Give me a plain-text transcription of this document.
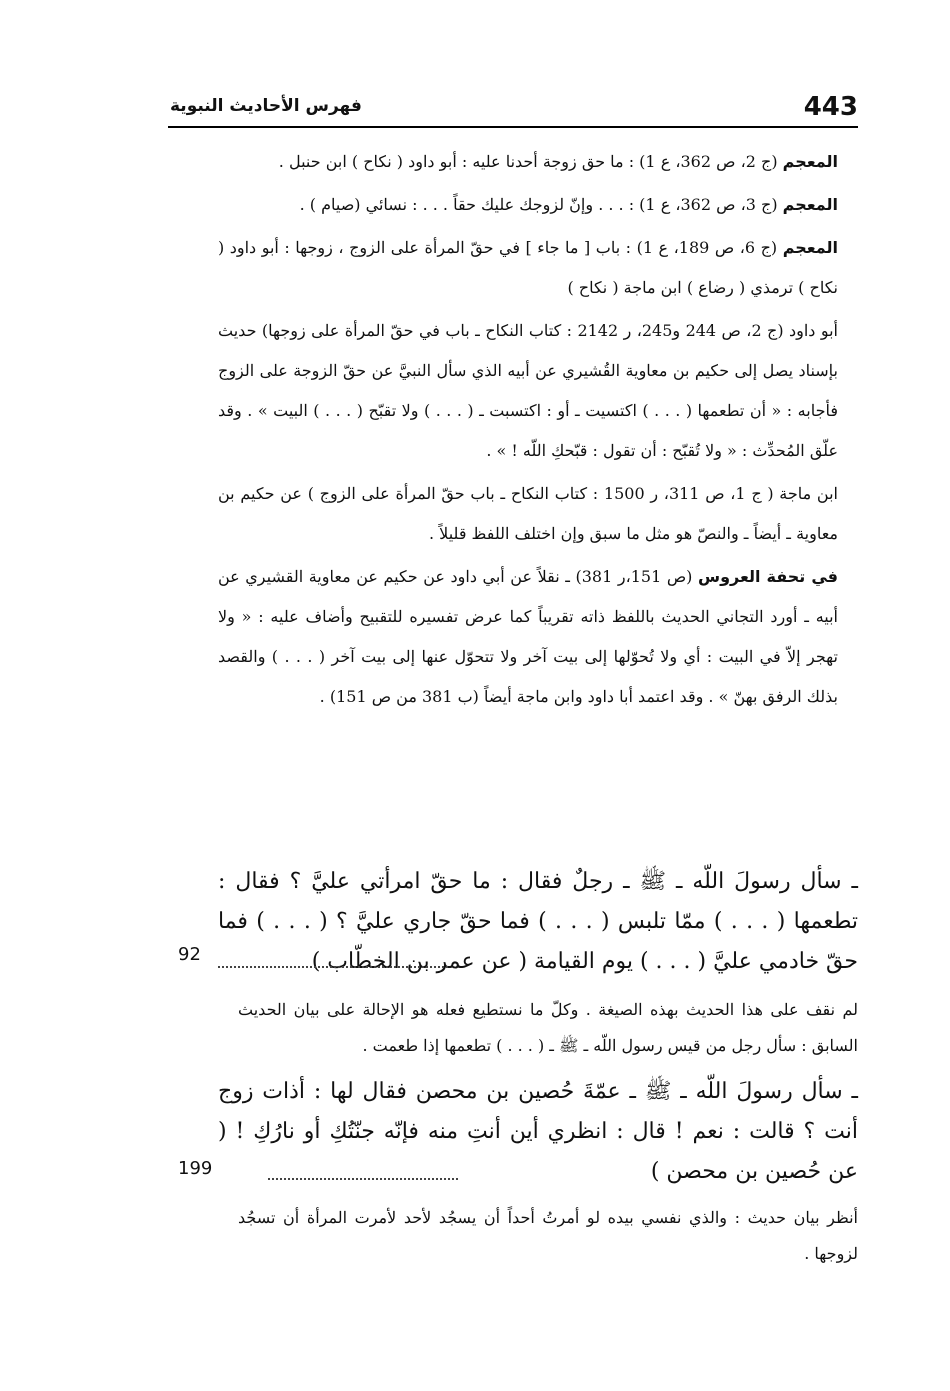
443
فهرس الأحاديث النبوية

المعجم (ج 2، ص 362، ع 1) : ما حق زوجة أحدنا عليه : أبو داود ( نكاح ) ابن حنبل .

المعجم (ج 3، ص 362، ع 1) : . . . وإنّ لزوجك عليك حقاً . . . : نسائي (صيام ) .

المعجم (ج 6، ص 189، ع 1) : باب [ ما جاء ] في حقّ المرأة على الزوج ، زوجها : أبو داود ( نكاح ) ترمذي ( رضاع ) ابن ماجة ( نكاح )

أبو داود (ج 2، ص 244 و245، ر 2142 : كتاب النكاح ـ باب في حقّ المرأة على زوجها) حديث بإسناد يصل إلى حكيم بن معاوية القُشيري عن أبيه الذي سأل النبيَّ عن حقّ الزوجة على الزوج فأجابه : « أن تطعمها ( . . . ) اكتسيت ـ أو : اكتسبت ـ ( . . . ) ولا تقبّح ( . . . ) البيت » . وقد علّق المُحدِّث : « ولا تُقبّح : أن تقول : قبّحكِ اللّه ! » .

ابن ماجة ( ج 1، ص 311، ر 1500 : كتاب النكاح ـ باب حقّ المرأة على الزوج ) عن حكيم بن معاوية ـ أيضاً ـ والنصّ هو مثل ما سبق وإن اختلف اللفظ قليلاً .

في تحفة العروس (ص 151،ر 381) ـ نقلاً عن أبي داود عن حكيم عن معاوية القشيري عن أبيه ـ أورد التجاني الحديث باللفظ ذاته تقريباً كما عرض تفسيره للتقبيح وأضاف عليه : « ولا تهجر إلاّ في البيت : أي ولا تُحوّلها إلى بيت آخر ولا تتحوّل عنها إلى بيت آخر ( . . . ) والقصد بذلك الرفق بهنّ » . وقد اعتمد أبا داود وابن ماجة أيضاً (ب 381 من ص 151) .

ـ سأل رسولَ اللّه ـ ﷺ ـ رجلٌ فقال : ما حقّ امرأتي عليَّ ؟ فقال : تطعمها ( . . . ) ممّا تلبس ( . . . ) فما حقّ جاري عليَّ ؟ ( . . . ) فما حقّ خادمي عليَّ ( . . . ) يوم القيامة ( عن عمر بن الخطّاب )
92
لم نقف على هذا الحديث بهذه الصيغة . وكلّ ما نستطيع فعله هو الإحالة على بيان الحديث السابق : سأل رجل من قيس رسول اللّه ـ ﷺ ـ ( . . . ) تطعمها إذا طعمت .
ـ سأل رسولَ اللّه ـ ﷺ ـ عمّةَ حُصين بن محصن فقال لها : أذات زوج أنت ؟ قالت : نعم ! قال : انظري أين أنتِ منه فإنّه جنّتُكِ أو نارُكِ ! ( عن حُصين بن محصن )
199
أنظر بيان حديث : والذي نفسي بيده لو أمرتُ أحداً أن يسجُد لأحد لأمرت المرأة أن تسجُد لزوجها .
